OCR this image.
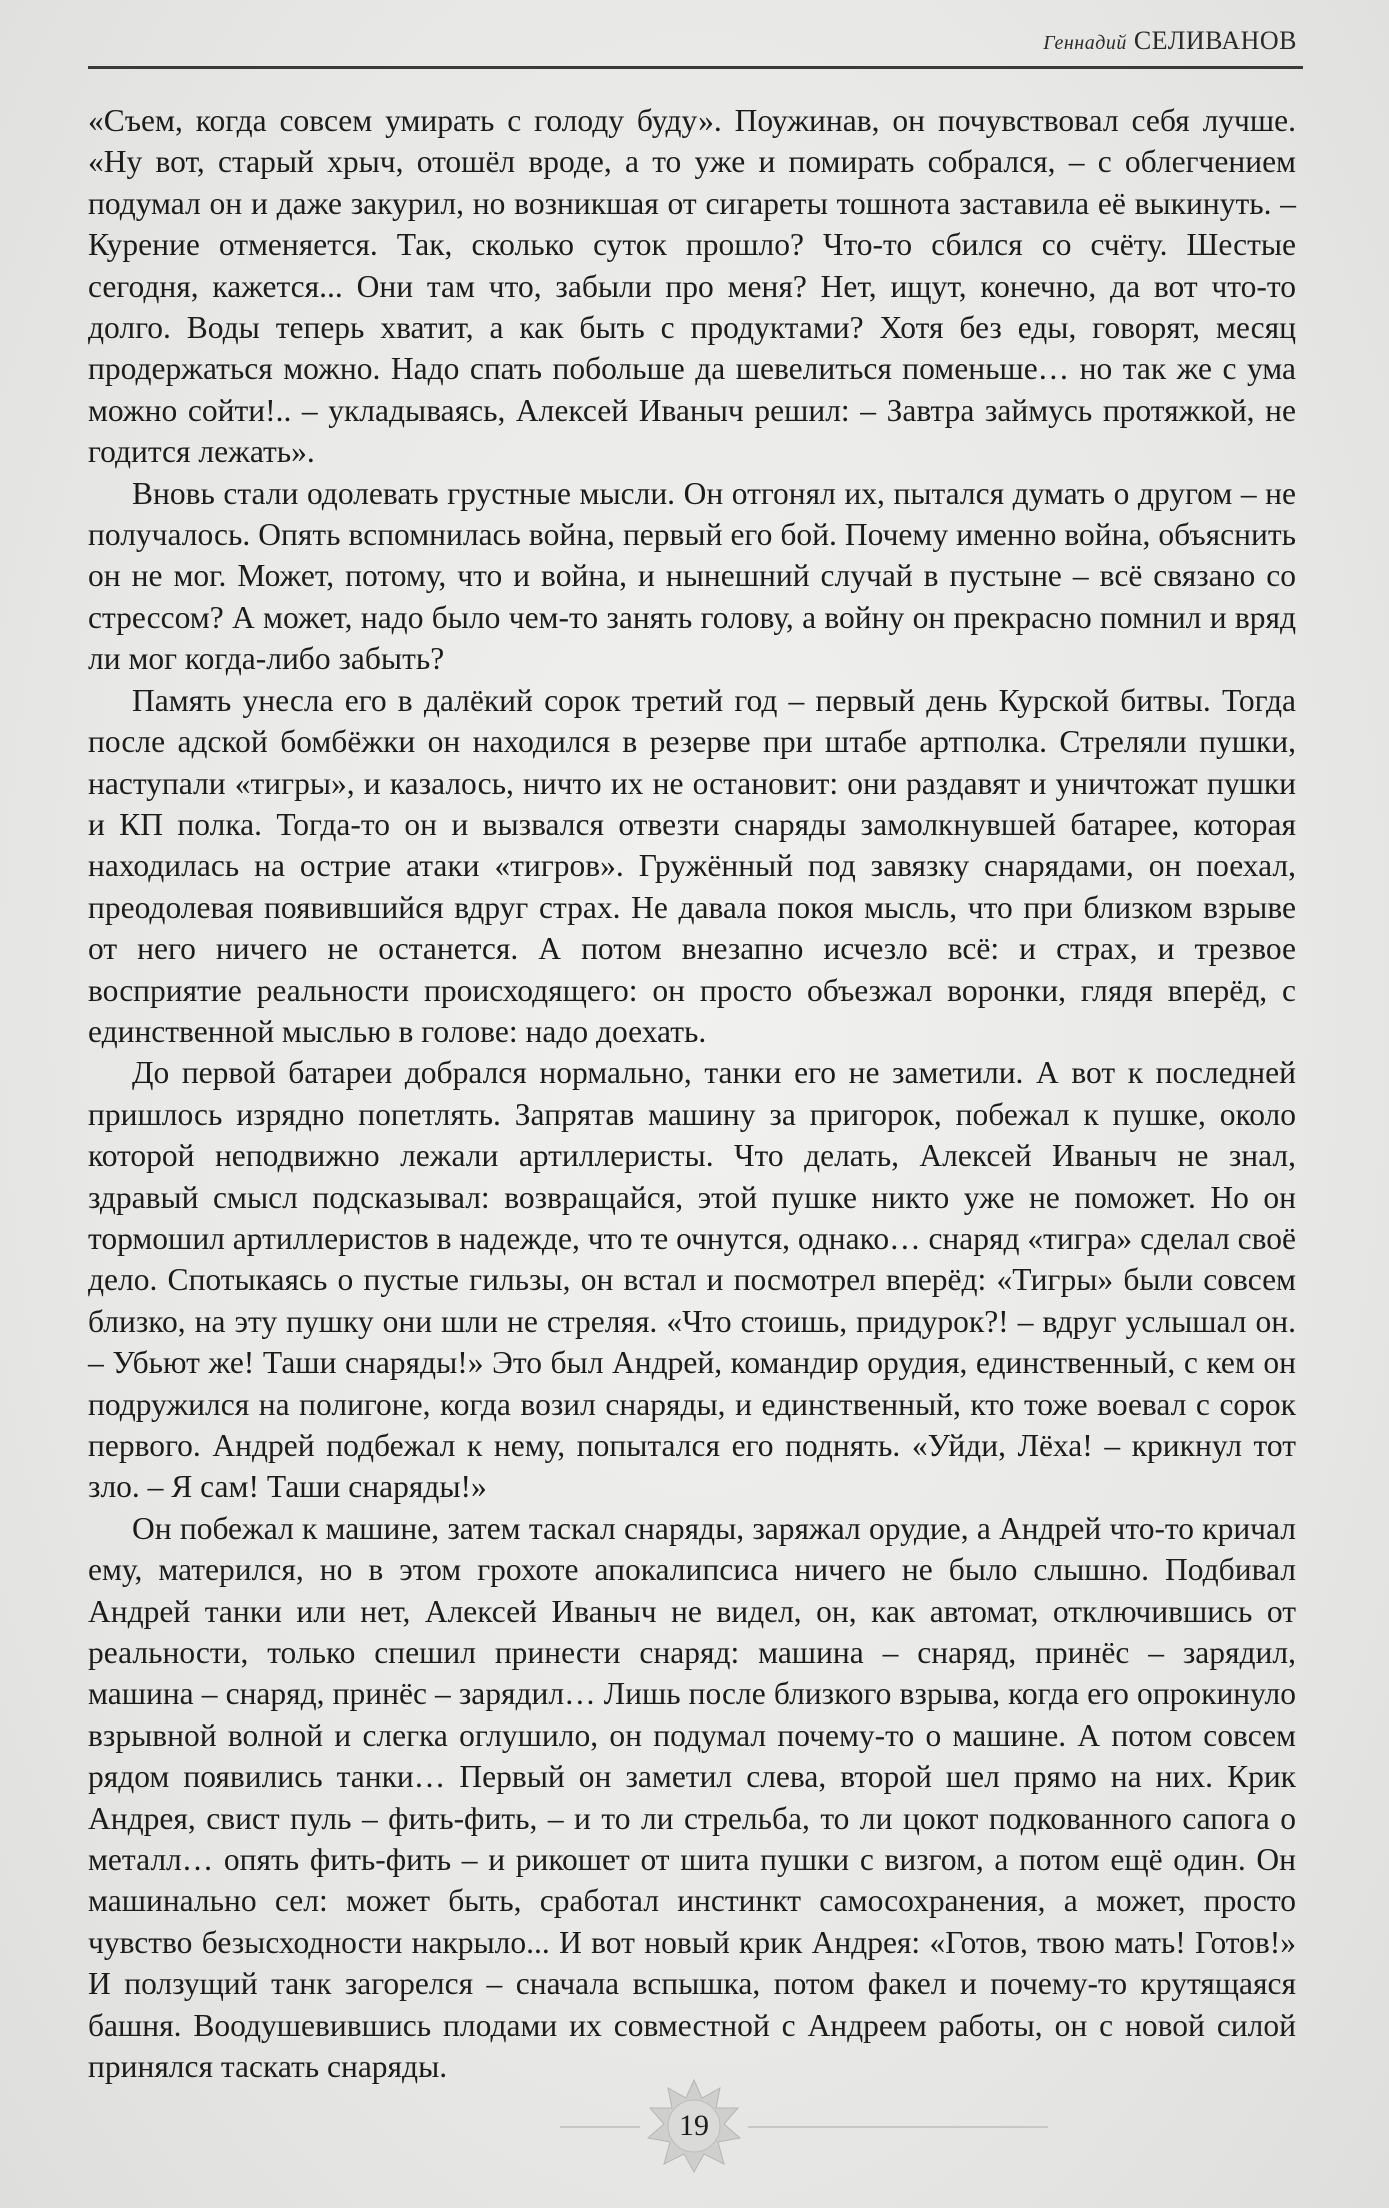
Геннадий СЕЛИВАНОВ

«Съем, когда совсем умирать с голоду буду». Поужинав, он почувствовал себя лучше. «Ну вот, старый хрыч, отошёл вроде, а то уже и помирать собрался, – с облегчением подумал он и даже закурил, но возникшая от сигареты тошнота заставила её выкинуть. – Курение отменяется. Так, сколько суток прошло? Что-то сбился со счёту. Шестые сегодня, кажется... Они там что, забыли про меня? Нет, ищут, конечно, да вот что-то долго. Воды теперь хватит, а как быть с продуктами? Хотя без еды, говорят, месяц продержаться можно. Надо спать побольше да шевелиться поменьше… но так же с ума можно сойти!.. – укладываясь, Алексей Иваныч решил: – Завтра займусь протяжкой, не годится лежать».

Вновь стали одолевать грустные мысли. Он отгонял их, пытался думать о другом – не получалось. Опять вспомнилась война, первый его бой. Почему именно война, объяснить он не мог. Может, потому, что и война, и нынешний случай в пустыне – всё связано со стрессом? А может, надо было чем-то занять голову, а войну он прекрасно помнил и вряд ли мог когда-либо забыть?

Память унесла его в далёкий сорок третий год – первый день Курской битвы. Тогда после адской бомбёжки он находился в резерве при штабе артполка. Стреляли пушки, наступали «тигры», и казалось, ничто их не остановит: они раздавят и уничтожат пушки и КП полка. Тогда-то он и вызвался отвезти снаряды замолкнувшей батарее, которая находилась на острие атаки «тигров». Гружённый под завязку снарядами, он поехал, преодолевая появившийся вдруг страх. Не давала покоя мысль, что при близком взрыве от него ничего не останется. А потом внезапно исчезло всё: и страх, и трезвое восприятие реальности происходящего: он просто объезжал воронки, глядя вперёд, с единственной мыслью в голове: надо доехать.

До первой батареи добрался нормально, танки его не заметили. А вот к последней пришлось изрядно попетлять. Запрятав машину за пригорок, побежал к пушке, около которой неподвижно лежали артиллеристы. Что делать, Алексей Иваныч не знал, здравый смысл подсказывал: возвращайся, этой пушке никто уже не поможет. Но он тормошил артиллеристов в надежде, что те очнутся, однако… снаряд «тигра» сделал своё дело. Спотыкаясь о пустые гильзы, он встал и посмотрел вперёд: «Тигры» были совсем близко, на эту пушку они шли не стреляя. «Что стоишь, придурок?! – вдруг услышал он. – Убьют же! Таши снаряды!» Это был Андрей, командир орудия, единственный, с кем он подружился на полигоне, когда возил снаряды, и единственный, кто тоже воевал с сорок первого. Андрей подбежал к нему, попытался его поднять. «Уйди, Лёха! – крикнул тот зло. – Я сам! Таши снаряды!»

Он побежал к машине, затем таскал снаряды, заряжал орудие, а Андрей что-то кричал ему, матерился, но в этом грохоте апокалипсиса ничего не было слышно. Подбивал Андрей танки или нет, Алексей Иваныч не видел, он, как автомат, отключившись от реальности, только спешил принести снаряд: машина – снаряд, принёс – зарядил, машина – снаряд, принёс – зарядил… Лишь после близкого взрыва, когда его опрокинуло взрывной волной и слегка оглушило, он подумал почему-то о машине. А потом совсем рядом появились танки… Первый он заметил слева, второй шел прямо на них. Крик Андрея, свист пуль – фить-фить, – и то ли стрельба, то ли цокот подкованного сапога о металл… опять фить-фить – и рикошет от шита пушки с визгом, а потом ещё один. Он машинально сел: может быть, сработал инстинкт самосохранения, а может, просто чувство безысходности накрыло... И вот новый крик Андрея: «Готов, твою мать! Готов!» И ползущий танк загорелся – сначала вспышка, потом факел и почему-то крутящаяся башня. Воодушевившись плодами их совместной с Андреем работы, он с новой силой принялся таскать снаряды.

19
